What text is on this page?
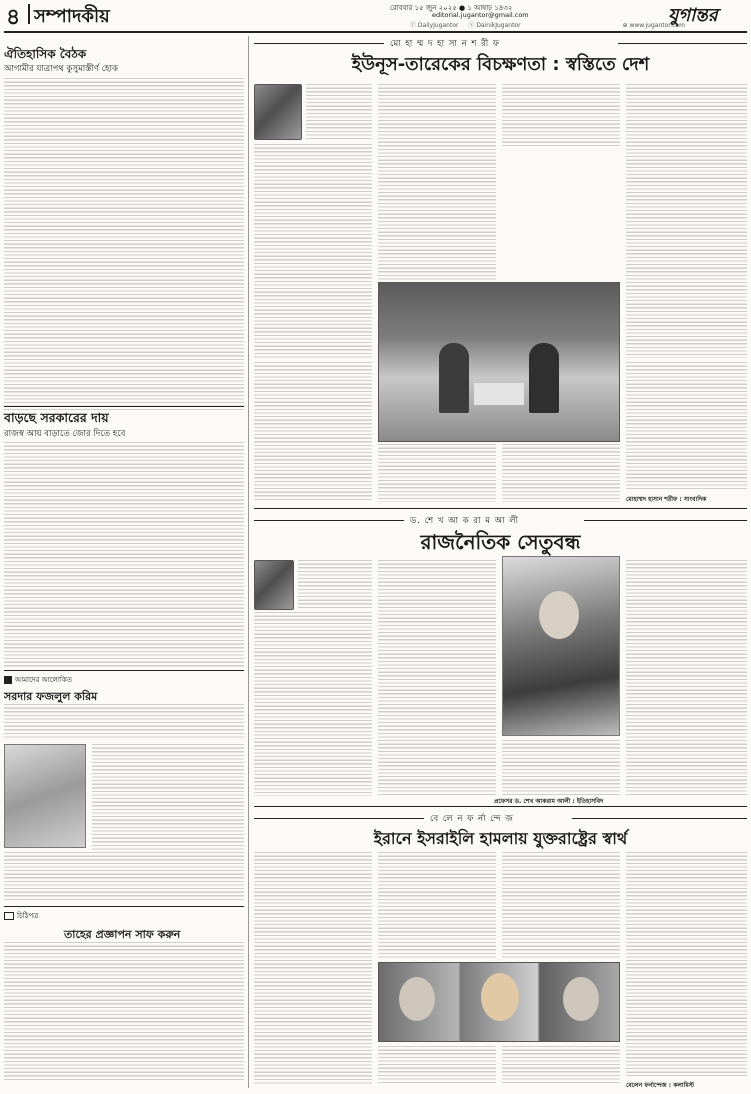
৪ সম্পাদকীয়	রোববার ১৫ জুন ২০২৫ ● ১ আষাঢ় ১৪৩২
editorial.jugantor@gmail.com	যুগান্তর
ⓕ DailyJugantor ⓧ DainikJugantor	⊕ www.jugantor.com
ঐতিহাসিক বৈঠক
আগামীর যাত্রাপথ কুসুমাস্তীর্ণ হোক
বাড়ছে সরকারের দায়
রাজস্ব আয় বাড়াতে জোর দিতে হবে
আমাদের আলোকিত
সরদার ফজলুল করিম
চিঠিপত্র
তাহের প্রজ্ঞাপন সাফ করুন
মো হা ম্ম দ হা সা ন শ রী ফ
ইউনূস-তারেকের বিচক্ষণতা : স্বস্তিতে দেশ
মোহাম্মদ হাসান শরীফ : সাংবাদিক
ড. শে খ আ ক রা ম আ লী
রাজনৈতিক সেতুবন্ধ
প্রফেসর ড. শেখ আকরাম আলী : ইতিহাসবিদ
বে লে ন ফ র্না ন্দে জ
ইরানে ইসরাইলি হামলায় যুক্তরাষ্ট্রের স্বার্থ
বেলেন ফর্নান্দেজ : কলামিস্ট
